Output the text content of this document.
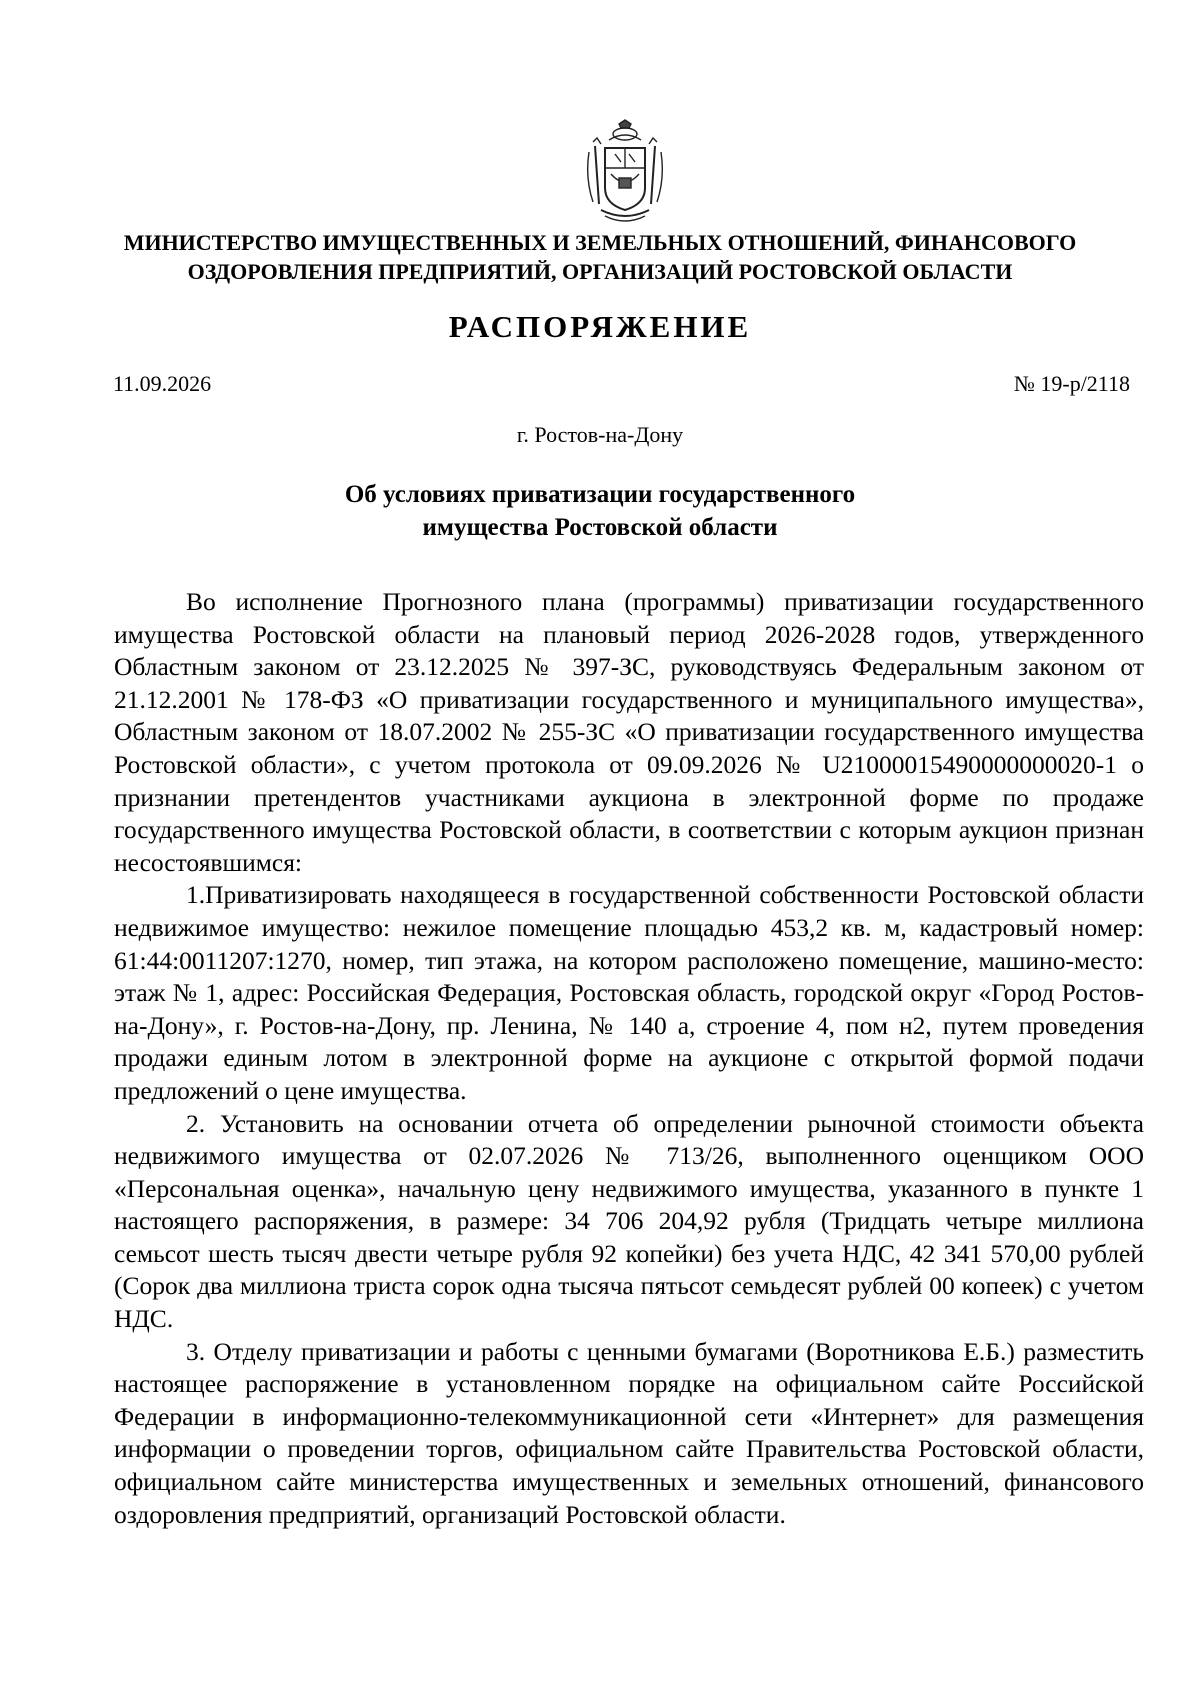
МИНИСТЕРСТВО ИМУЩЕСТВЕННЫХ И ЗЕМЕЛЬНЫХ ОТНОШЕНИЙ, ФИНАНСОВОГО
ОЗДОРОВЛЕНИЯ ПРЕДПРИЯТИЙ, ОРГАНИЗАЦИЙ РОСТОВСКОЙ ОБЛАСТИ
РАСПОРЯЖЕНИЕ
11.09.2026	№ 19-р/2118
г. Ростов-на-Дону
Об условиях приватизации государственного
имущества Ростовской области

Во исполнение Прогнозного плана (программы) приватизации государственного имущества Ростовской области на плановый период 2026-2028 годов, утвержденного Областным законом от 23.12.2025 № 397-ЗС, руководствуясь Федеральным законом от 21.12.2001 № 178-ФЗ «О приватизации государственного и муниципального имущества», Областным законом от 18.07.2002 № 255-ЗС «О приватизации государственного имущества Ростовской области», с учетом протокола от 09.09.2026 № U21000015490000000020-1 о признании претендентов участниками аукциона в электронной форме по продаже государственного имущества Ростовской области, в соответствии с которым аукцион признан несостоявшимся:

1.Приватизировать находящееся в государственной собственности Ростовской области недвижимое имущество: нежилое помещение площадью 453,2 кв. м, кадастровый номер: 61:44:0011207:1270, номер, тип этажа, на котором расположено помещение, машино-место: этаж № 1, адрес: Российская Федерация, Ростовская область, городской округ «Город Ростов-на-Дону», г. Ростов-на-Дону, пр. Ленина, № 140 а, строение 4, пом н2, путем проведения продажи единым лотом в электронной форме на аукционе с открытой формой подачи предложений о цене имущества.

2. Установить на основании отчета об определении рыночной стоимости объекта недвижимого имущества от 02.07.2026 № 713/26, выполненного оценщиком ООО «Персональная оценка», начальную цену недвижимого имущества, указанного в пункте 1 настоящего распоряжения, в размере: 34 706 204,92 рубля (Тридцать четыре миллиона семьсот шесть тысяч двести четыре рубля 92 копейки) без учета НДС, 42 341 570,00 рублей (Сорок два миллиона триста сорок одна тысяча пятьсот семьдесят рублей 00 копеек) с учетом НДС.

3. Отделу приватизации и работы с ценными бумагами (Воротникова Е.Б.) разместить настоящее распоряжение в установленном порядке на официальном сайте Российской Федерации в информационно-телекоммуникационной сети «Интернет» для размещения информации о проведении торгов, официальном сайте Правительства Ростовской области, официальном сайте министерства имущественных и земельных отношений, финансового оздоровления предприятий, организаций Ростовской области.
